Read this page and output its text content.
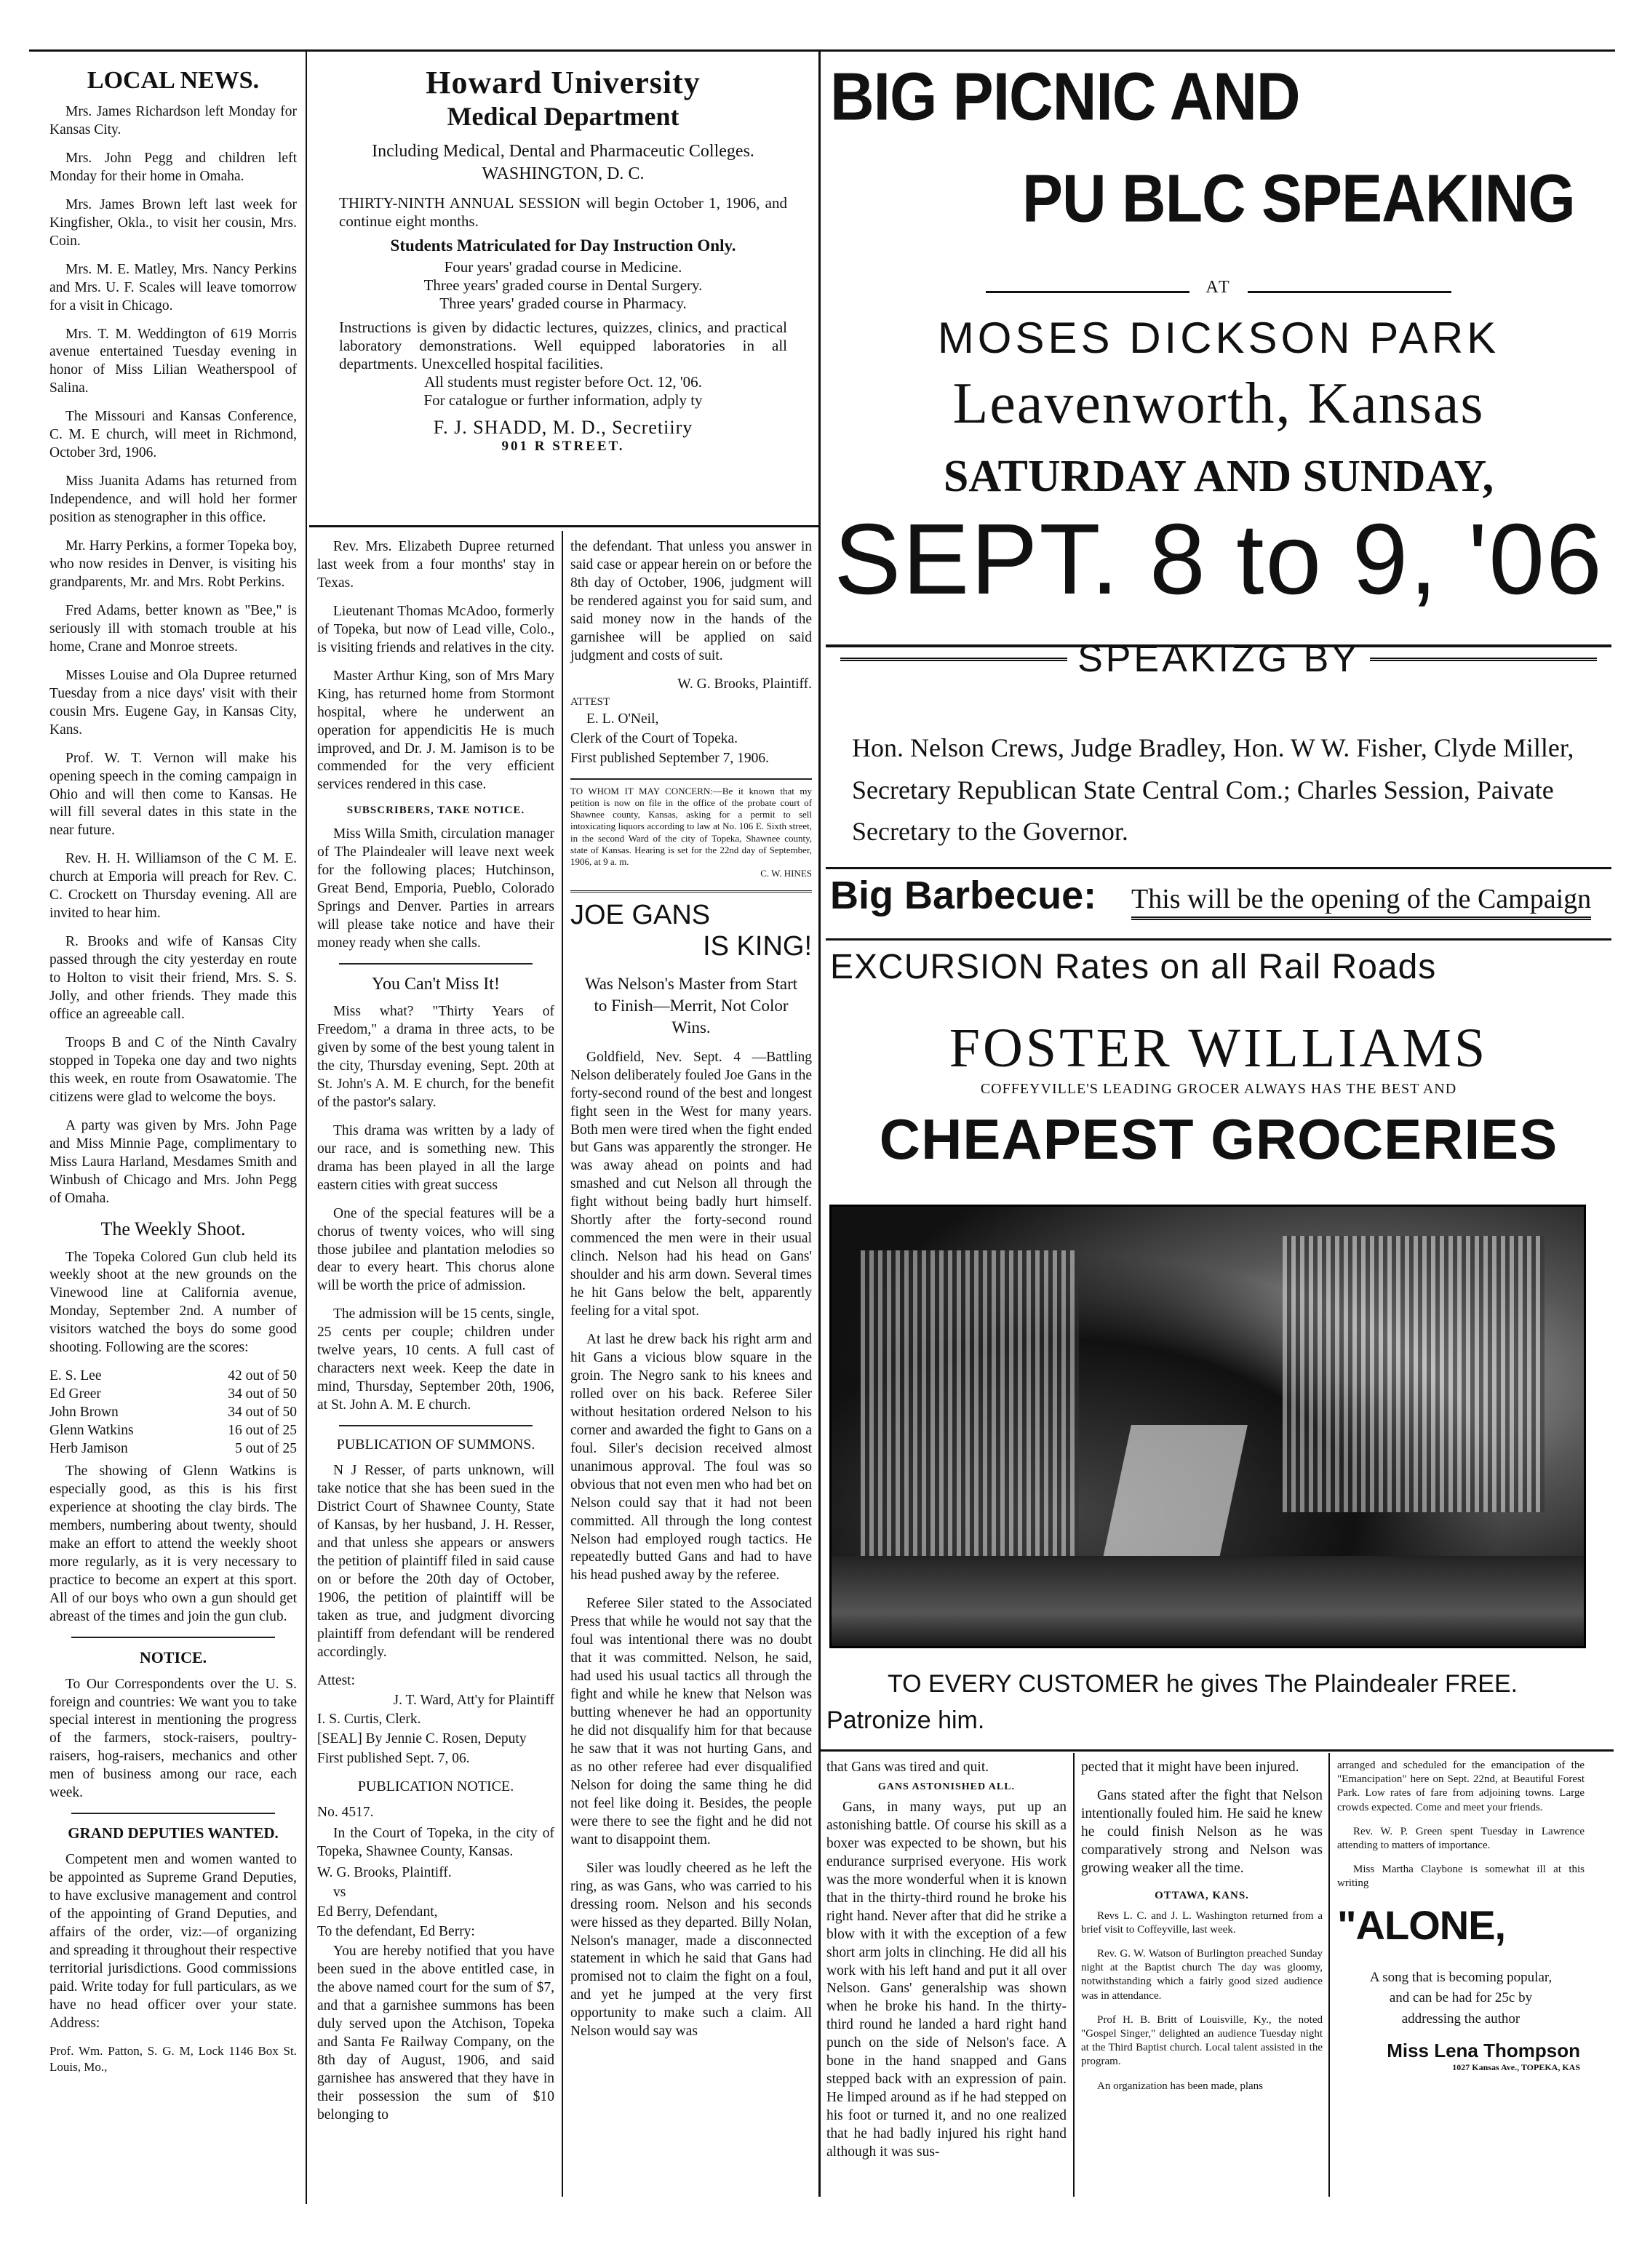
LOCAL NEWS.

Mrs. James Richardson left Monday for Kansas City.

Mrs. John Pegg and children left Monday for their home in Omaha.

Mrs. James Brown left last week for Kingfisher, Okla., to visit her cousin, Mrs. Coin.

Mrs. M. E. Matley, Mrs. Nancy Perkins and Mrs. U. F. Scales will leave tomorrow for a visit in Chicago.

Mrs. T. M. Weddington of 619 Morris avenue entertained Tuesday evening in honor of Miss Lilian Weatherspool of Salina.

The Missouri and Kansas Conference, C. M. E church, will meet in Richmond, October 3rd, 1906.

Miss Juanita Adams has returned from Independence, and will hold her former position as stenographer in this office.

Mr. Harry Perkins, a former Topeka boy, who now resides in Denver, is visiting his grandparents, Mr. and Mrs. Robt Perkins.

Fred Adams, better known as "Bee," is seriously ill with stomach trouble at his home, Crane and Monroe streets.

Misses Louise and Ola Dupree returned Tuesday from a nice days' visit with their cousin Mrs. Eugene Gay, in Kansas City, Kans.

Prof. W. T. Vernon will make his opening speech in the coming campaign in Ohio and will then come to Kansas. He will fill several dates in this state in the near future.

Rev. H. H. Williamson of the C M. E. church at Emporia will preach for Rev. C. C. Crockett on Thursday evening. All are invited to hear him.

R. Brooks and wife of Kansas City passed through the city yesterday en route to Holton to visit their friend, Mrs. S. S. Jolly, and other friends. They made this office an agreeable call.

Troops B and C of the Ninth Cavalry stopped in Topeka one day and two nights this week, en route from Osawatomie. The citizens were glad to welcome the boys.

A party was given by Mrs. John Page and Miss Minnie Page, complimentary to Miss Laura Harland, Mesdames Smith and Winbush of Chicago and Mrs. John Pegg of Omaha.

The Weekly Shoot.

The Topeka Colored Gun club held its weekly shoot at the new grounds on the Vinewood line at California avenue, Monday, September 2nd. A number of visitors watched the boys do some good shooting. Following are the scores:

E. S. Lee	42 out of 50
Ed Greer	34 out of 50
John Brown	34 out of 50
Glenn Watkins	16 out of 25
Herb Jamison	5 out of 25

The showing of Glenn Watkins is especially good, as this is his first experience at shooting the clay birds. The members, numbering about twenty, should make an effort to attend the weekly shoot more regularly, as it is very necessary to practice to become an expert at this sport. All of our boys who own a gun should get abreast of the times and join the gun club.

NOTICE.

To Our Correspondents over the U. S. foreign and countries: We want you to take special interest in mentioning the progress of the farmers, stock-raisers, poultry-raisers, hog-raisers, mechanics and other men of business among our race, each week.

GRAND DEPUTIES WANTED.

Competent men and women wanted to be appointed as Supreme Grand Deputies, to have exclusive management and control of the appointing of Grand Deputies, and affairs of the order, viz:—of organizing and spreading it throughout their respective territorial jurisdictions. Good commissions paid. Write today for full particulars, as we have no head officer over your state. Address:

Prof. Wm. Patton, S. G. M, Lock 1146 Box St. Louis, Mo.,

Howard University
Medical Department
Including Medical, Dental and Pharmaceutic Colleges.
WASHINGTON, D. C.
THIRTY-NINTH ANNUAL SESSION will begin October 1, 1906, and continue eight months.
Students Matriculated for Day Instruction Only.
Four years' gradad course in Medicine.
Three years' graded course in Dental Surgery.
Three years' graded course in Pharmacy.
Instructions is given by didactic lectures, quizzes, clinics, and practical laboratory demonstrations. Well equipped laboratories in all departments. Unexcelled hospital facilities.
All students must register before Oct. 12, '06.
For catalogue or further information, adply ty
F. J. SHADD, M. D., Secretiiry
901 R STREET.

Rev. Mrs. Elizabeth Dupree returned last week from a four months' stay in Texas.

Lieutenant Thomas McAdoo, formerly of Topeka, but now of Lead ville, Colo., is visiting friends and relatives in the city.

Master Arthur King, son of Mrs Mary King, has returned home from Stormont hospital, where he underwent an operation for appendicitis He is much improved, and Dr. J. M. Jamison is to be commended for the very efficient services rendered in this case.

SUBSCRIBERS, TAKE NOTICE.

Miss Willa Smith, circulation manager of The Plaindealer will leave next week for the following places; Hutchinson, Great Bend, Emporia, Pueblo, Colorado Springs and Denver. Parties in arrears will please take notice and have their money ready when she calls.

You Can't Miss It!

Miss what? "Thirty Years of Freedom," a drama in three acts, to be given by some of the best young talent in the city, Thursday evening, Sept. 20th at St. John's A. M. E church, for the benefit of the pastor's salary.

This drama was written by a lady of our race, and is something new. This drama has been played in all the large eastern cities with great success

One of the special features will be a chorus of twenty voices, who will sing those jubilee and plantation melodies so dear to every heart. This chorus alone will be worth the price of admission.

The admission will be 15 cents, single, 25 cents per couple; children under twelve years, 10 cents. A full cast of characters next week. Keep the date in mind, Thursday, September 20th, 1906, at St. John A. M. E church.

PUBLICATION OF SUMMONS.

N J Resser, of parts unknown, will take notice that she has been sued in the District Court of Shawnee County, State of Kansas, by her husband, J. H. Resser, and that unless she appears or answers the petition of plaintiff filed in said cause on or before the 20th day of October, 1906, the petition of plaintiff will be taken as true, and judgment divorcing plaintiff from defendant will be rendered accordingly.

Attest:

J. T. Ward, Att'y for Plaintiff

I. S. Curtis, Clerk.

[SEAL] By Jennie C. Rosen, Deputy

First published Sept. 7, 06.

PUBLICATION NOTICE.

No. 4517.

In the Court of Topeka, in the city of Topeka, Shawnee County, Kansas.

W. G. Brooks, Plaintiff.

vs

Ed Berry, Defendant,

To the defendant, Ed Berry:

You are hereby notified that you have been sued in the above entitled case, in the above named court for the sum of $7, and that a garnishee summons has been duly served upon the Atchison, Topeka and Santa Fe Railway Company, on the 8th day of August, 1906, and said garnishee has answered that they have in their possession the sum of $10 belonging to

the defendant. That unless you answer in said case or appear herein on or before the 8th day of October, 1906, judgment will be rendered against you for said sum, and said money now in the hands of the garnishee will be applied on said judgment and costs of suit.

W. G. Brooks, Plaintiff.

ATTEST

E. L. O'Neil,

Clerk of the Court of Topeka.

First published September 7, 1906.

TO WHOM IT MAY CONCERN:—Be it known that my petition is now on file in the office of the probate court of Shawnee county, Kansas, asking for a permit to sell intoxicating liquors according to law at No. 106 E. Sixth street, in the second Ward of the city of Topeka, Shawnee county, state of Kansas. Hearing is set for the 22nd day of September, 1906, at 9 a. m.

C. W. HINES

JOE GANS
IS KING!
Was Nelson's Master from Start to Finish—Merrit, Not Color Wins.

Goldfield, Nev. Sept. 4 —Battling Nelson deliberately fouled Joe Gans in the forty-second round of the best and longest fight seen in the West for many years. Both men were tired when the fight ended but Gans was apparently the stronger. He was away ahead on points and had smashed and cut Nelson all through the fight without being badly hurt himself. Shortly after the forty-second round commenced the men were in their usual clinch. Nelson had his head on Gans' shoulder and his arm down. Several times he hit Gans below the belt, apparently feeling for a vital spot.

At last he drew back his right arm and hit Gans a vicious blow square in the groin. The Negro sank to his knees and rolled over on his back. Referee Siler without hesitation ordered Nelson to his corner and awarded the fight to Gans on a foul. Siler's decision received almost unanimous approval. The foul was so obvious that not even men who had bet on Nelson could say that it had not been committed. All through the long contest Nelson had employed rough tactics. He repeatedly butted Gans and had to have his head pushed away by the referee.

Referee Siler stated to the Associated Press that while he would not say that the foul was intentional there was no doubt that it was committed. Nelson, he said, had used his usual tactics all through the fight and while he knew that Nelson was butting whenever he had an opportunity he did not disqualify him for that because he saw that it was not hurting Gans, and as no other referee had ever disqualified Nelson for doing the same thing he did not feel like doing it. Besides, the people were there to see the fight and he did not want to disappoint them.

Siler was loudly cheered as he left the ring, as was Gans, who was carried to his dressing room. Nelson and his seconds were hissed as they departed. Billy Nolan, Nelson's manager, made a disconnected statement in which he said that Gans had promised not to claim the fight on a foul, and yet he jumped at the very first opportunity to make such a claim. All Nelson would say was

BIG PICNIC AND
PU BLC SPEAKING
AT
MOSES DICKSON PARK
Leavenworth, Kansas
SATURDAY AND SUNDAY,
SEPT. 8 to 9, '06
SPEAKIZG BY
Hon. Nelson Crews, Judge Bradley, Hon. W W. Fisher, Clyde Miller, Secretary Republican State Central Com.; Charles Session, Paivate Secretary to the Governor.
Big Barbecue: This will be the opening of the Campaign
EXCURSION Rates on all Rail Roads
FOSTER WILLIAMS
COFFEYVILLE'S LEADING GROCER ALWAYS HAS THE BEST AND
CHEAPEST GROCERIES
TO EVERY CUSTOMER he gives The Plaindealer FREE.
Patronize him.

that Gans was tired and quit.

GANS ASTONISHED ALL.

Gans, in many ways, put up an astonishing battle. Of course his skill as a boxer was expected to be shown, but his endurance surprised everyone. His work was the more wonderful when it is known that in the thirty-third round he broke his right hand. Never after that did he strike a blow with it with the exception of a few short arm jolts in clinching. He did all his work with his left hand and put it all over Nelson. Gans' generalship was shown when he broke his hand. In the thirty-third round he landed a hard right hand punch on the side of Nelson's face. A bone in the hand snapped and Gans stepped back with an expression of pain. He limped around as if he had stepped on his foot or turned it, and no one realized that he had badly injured his right hand although it was sus-

pected that it might have been injured.

Gans stated after the fight that Nelson intentionally fouled him. He said he knew he could finish Nelson as he was comparatively strong and Nelson was growing weaker all the time.

OTTAWA, KANS.

Revs L. C. and J. L. Washington returned from a brief visit to Coffeyville, last week.

Rev. G. W. Watson of Burlington preached Sunday night at the Baptist church The day was gloomy, notwithstanding which a fairly good sized audience was in attendance.

Prof H. B. Britt of Louisville, Ky., the noted "Gospel Singer," delighted an audience Tuesday night at the Third Baptist church. Local talent assisted in the program.

An organization has been made, plans

arranged and scheduled for the emancipation of the "Emancipation" here on Sept. 22nd, at Beautiful Forest Park. Low rates of fare from adjoining towns. Large crowds expected. Come and meet your friends.

Rev. W. P. Green spent Tuesday in Lawrence attending to matters of importance.

Miss Martha Claybone is somewhat ill at this writing

"ALONE,
A song that is becoming popular, and can be had for 25c by addressing the author
Miss Lena Thompson
1027 Kansas Ave., TOPEKA, KAS
